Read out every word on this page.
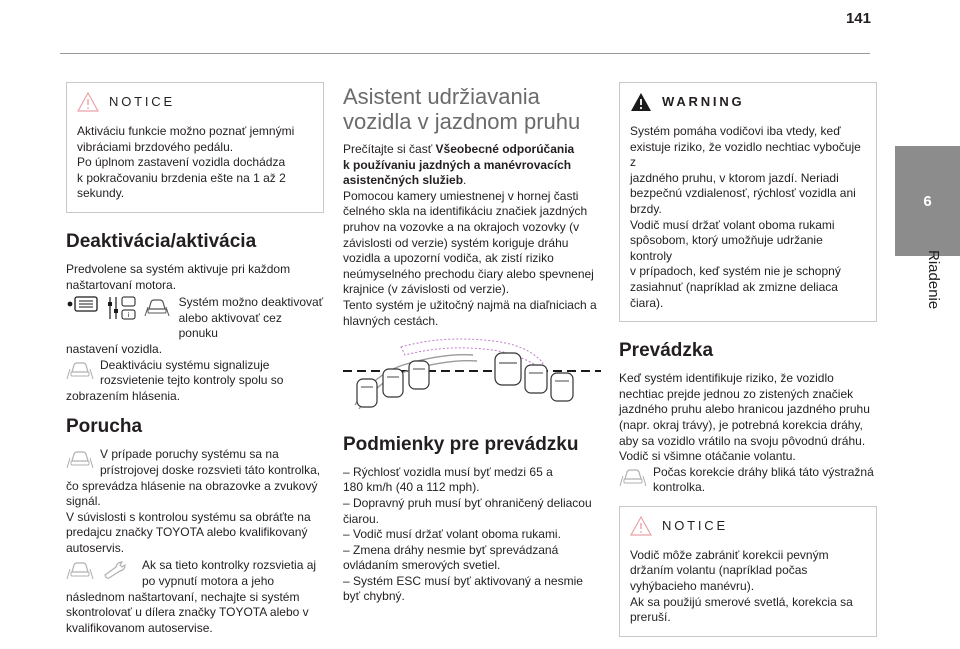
141
6
Riadenie
NOTICE

Aktiváciu funkcie možno poznať jemnými

vibráciami brzdového pedálu.

Po úplnom zastavení vozidla dochádza

k pokračovaniu brzdenia ešte na 1 až 2

sekundy.

Deaktivácia/aktivácia

Predvolene sa systém aktivuje pri každom

naštartovaní motora.

i

Systém možno deaktivovať

alebo aktivovať cez ponuku

nastavení vozidla.

Deaktiváciu systému signalizuje

rozsvietenie tejto kontroly spolu so

zobrazením hlásenia.

Porucha

V prípade poruchy systému sa na

prístrojovej doske rozsvieti táto kontrolka,

čo sprevádza hlásenie na obrazovke a zvukový

signál.

V súvislosti s kontrolou systému sa obráťte na

predajcu značky TOYOTA alebo kvalifikovaný

autoservis.

Ak sa tieto kontrolky rozsvietia aj

po vypnutí motora a jeho

následnom naštartovaní, nechajte si systém

skontrolovať u dílera značky TOYOTA alebo v

kvalifikovanom autoservise.

Asistent udržiavania
vozidla v jazdnom pruhu

Prečítajte si časť Všeobecné odporúčania

k používaniu jazdných a manévrovacích

asistenčných služieb.

Pomocou kamery umiestnenej v hornej časti

čelného skla na identifikáciu značiek jazdných

pruhov na vozovke a na okrajoch vozovky (v

závislosti od verzie) systém koriguje dráhu

vozidla a upozorní vodiča, ak zistí riziko

neúmyselného prechodu čiary alebo spevnenej

krajnice (v závislosti od verzie).

Tento systém je užitočný najmä na diaľniciach a

hlavných cestách.

Podmienky pre prevádzku

– Rýchlosť vozidla musí byť medzi 65 a

180 km/h (40 a 112 mph).

– Dopravný pruh musí byť ohraničený deliacou

čiarou.

– Vodič musí držať volant oboma rukami.

– Zmena dráhy nesmie byť sprevádzaná

ovládaním smerových svetiel.

– Systém ESC musí byť aktivovaný a nesmie

byť chybný.

WARNING

Systém pomáha vodičovi iba vtedy, keď

existuje riziko, že vozidlo nechtiac vybočuje z

jazdného pruhu, v ktorom jazdí. Neriadi

bezpečnú vzdialenosť, rýchlosť vozidla ani

brzdy.

Vodič musí držať volant oboma rukami

spôsobom, ktorý umožňuje udržanie kontroly

v prípadoch, keď systém nie je schopný

zasiahnuť (napríklad ak zmizne deliaca čiara).

Prevádzka

Keď systém identifikuje riziko, že vozidlo

nechtiac prejde jednou zo zistených značiek

jazdného pruhu alebo hranicou jazdného pruhu

(napr. okraj trávy), je potrebná korekcia dráhy,

aby sa vozidlo vrátilo na svoju pôvodnú dráhu.

Vodič si všimne otáčanie volantu.

Počas korekcie dráhy bliká táto výstražná

kontrolka.

NOTICE

Vodič môže zabrániť korekcii pevným

držaním volantu (napríklad počas

vyhýbacieho manévru).

Ak sa použijú smerové svetlá, korekcia sa

preruší.
